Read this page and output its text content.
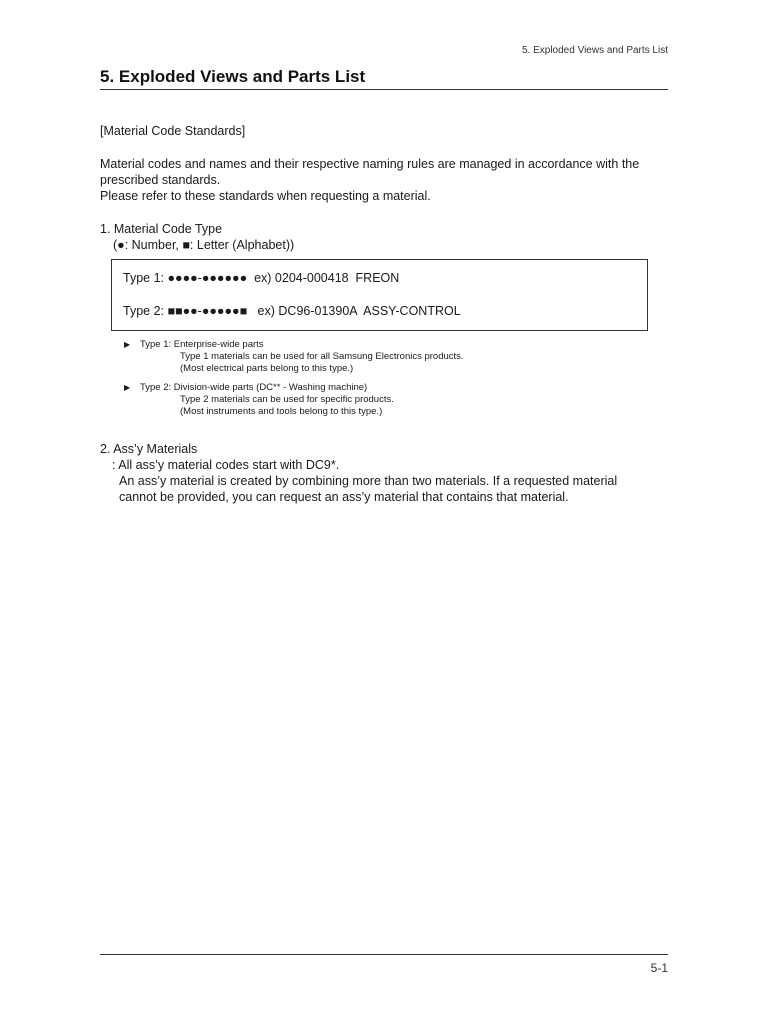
5. Exploded Views and Parts List
5. Exploded Views and Parts List
[Material Code Standards]

Material codes and names and their respective naming rules are managed in accordance with the

prescribed standards.

Please refer to these standards when requesting a material.

1. Material Code Type
(●: Number, ■: Letter (Alphabet))
Type 1: ●●●●-●●●●●●  ex) 0204-000418  FREON
Type 2: ■■●●-●●●●●■   ex) DC96-01390A  ASSY-CONTROL
▶ Type 1: Enterprise-wide parts
Type 1 materials can be used for all Samsung Electronics products.
(Most electrical parts belong to this type.)
▶ Type 2: Division-wide parts (DC** - Washing machine)
Type 2 materials can be used for specific products.
(Most instruments and tools belong to this type.)
2. Ass’y Materials

: All ass’y material codes start with DC9*.

An ass’y material is created by combining more than two materials. If a requested material

cannot be provided, you can request an ass’y material that contains that material.

5-1
